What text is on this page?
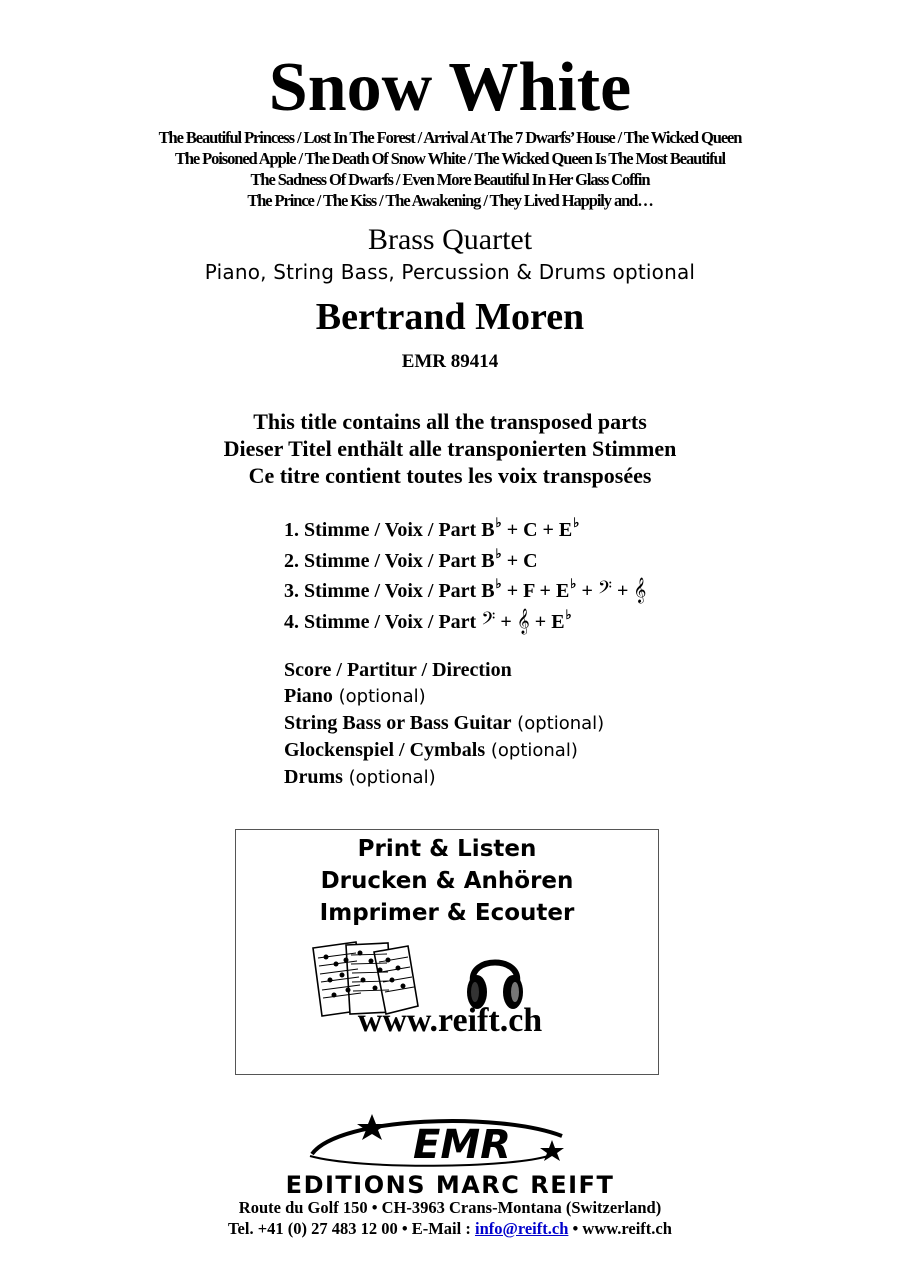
Snow White
The Beautiful Princess / Lost In The Forest / Arrival At The 7 Dwarfs’ House / The Wicked Queen
The Poisoned Apple / The Death Of Snow White / The Wicked Queen Is The Most Beautiful
The Sadness Of Dwarfs / Even More Beautiful In Her Glass Coffin
The Prince / The Kiss / The Awakening / They Lived Happily and…
Brass Quartet
Piano, String Bass, Percussion & Drums optional
Bertrand Moren
EMR 89414
This title contains all the transposed parts
Dieser Titel enthält alle transponierten Stimmen
Ce titre contient toutes les voix transposées
1. Stimme / Voix / Part B♭ + C + E♭
2. Stimme / Voix / Part B♭ + C
3. Stimme / Voix / Part B♭ + F + E♭ + 𝄢 + 𝄞
4. Stimme / Voix / Part 𝄢 + 𝄞 + E♭
Score / Partitur / Direction
Piano (optional)
String Bass or Bass Guitar (optional)
Glockenspiel / Cymbals (optional)
Drums (optional)
Print & Listen
Drucken & Anhören
Imprimer & Ecouter
www.reift.ch
EMR
EDITIONS MARC REIFT
Route du Golf 150 • CH-3963 Crans-Montana (Switzerland)
Tel. +41 (0) 27 483 12 00 • E-Mail : info@reift.ch • www.reift.ch
